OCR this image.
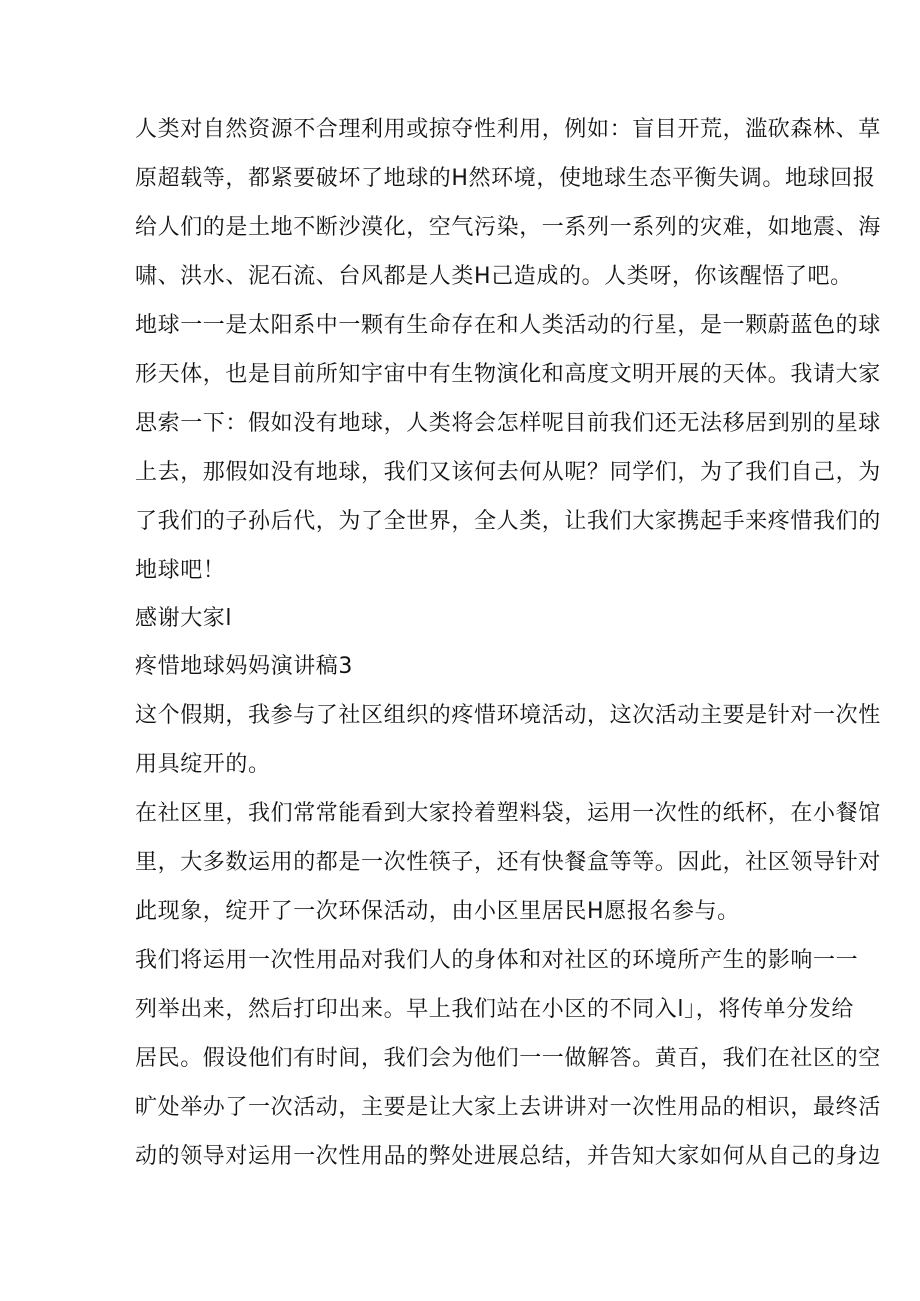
人类对自然资源不合理利用或掠夺性利用，例如：盲目开荒，滥砍森林、草
原超载等，都紧要破坏了地球的H然环境，使地球生态平衡失调。地球回报
给人们的是土地不断沙漠化，空气污染，一系列一系列的灾难，如地震、海
啸、洪水、泥石流、台风都是人类H己造成的。人类呀，你该醒悟了吧。
地球一一是太阳系中一颗有生命存在和人类活动的行星，是一颗蔚蓝色的球
形天体，也是目前所知宇宙中有生物演化和高度文明开展的天体。我请大家
思索一下：假如没有地球，人类将会怎样呢目前我们还无法移居到别的星球
上去，那假如没有地球，我们又该何去何从呢？同学们，为了我们自己，为
了我们的子孙后代，为了全世界，全人类，让我们大家携起手来疼惜我们的
地球吧！
感谢大家l
疼惜地球妈妈演讲稿3
这个假期，我参与了社区组织的疼惜环境活动，这次活动主要是针对一次性
用具绽开的。
在社区里，我们常常能看到大家拎着塑料袋，运用一次性的纸杯，在小餐馆
里，大多数运用的都是一次性筷子，还有快餐盒等等。因此，社区领导针对
此现象，绽开了一次环保活动，由小区里居民H愿报名参与。
我们将运用一次性用品对我们人的身体和对社区的环境所产生的影响一一
列举出来，然后打印出来。早上我们站在小区的不同入l」，将传单分发给
居民。假设他们有时间，我们会为他们一一做解答。黄百，我们在社区的空
旷处举办了一次活动，主要是让大家上去讲讲对一次性用品的相识，最终活
动的领导对运用一次性用品的弊处进展总结，并告知大家如何从自己的身边
